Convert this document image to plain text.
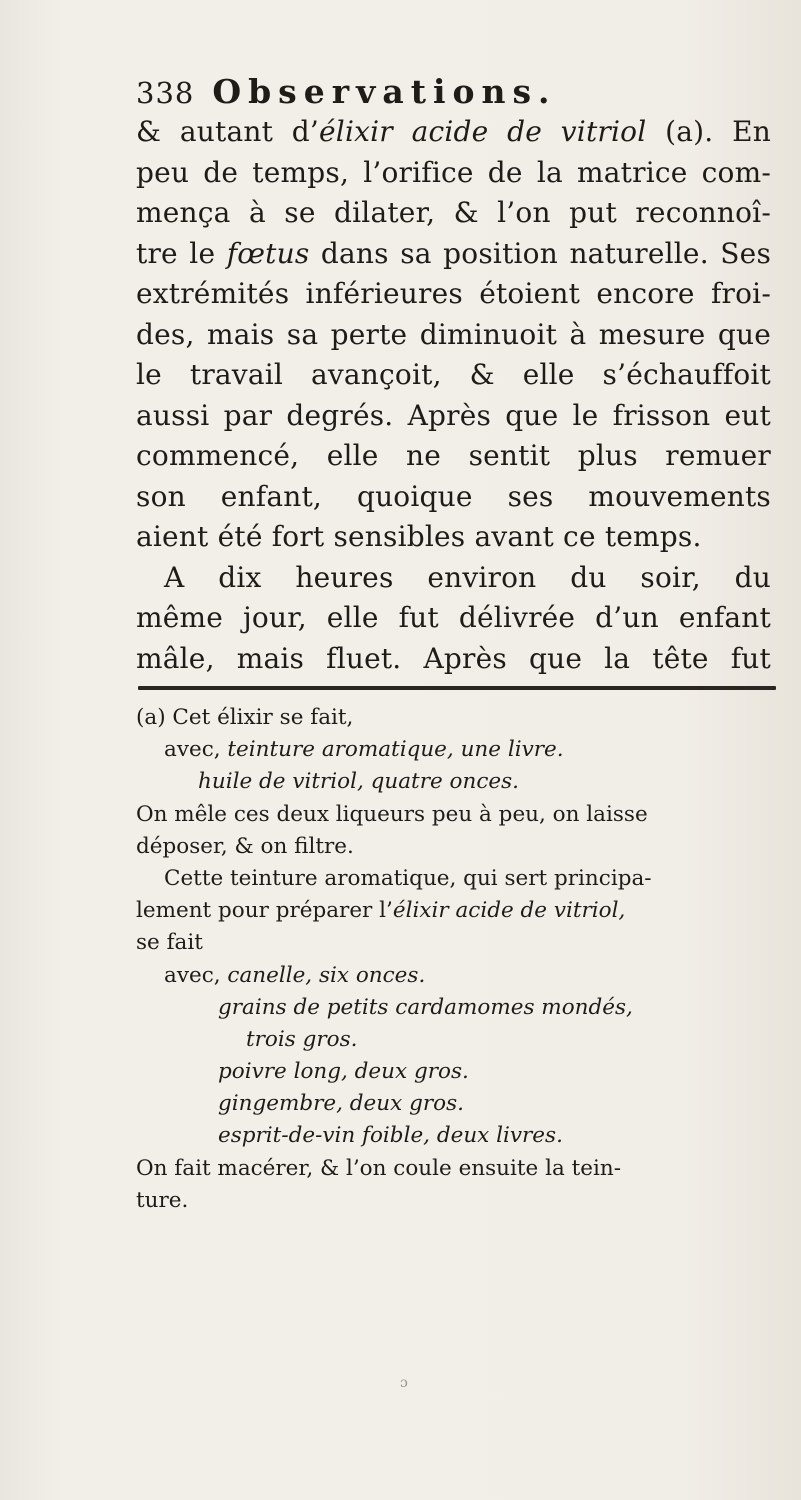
338 Observations.
& autant d’élixir acide de vitriol (a). En
peu de temps, l’orifice de la matrice com-
mença à se dilater, & l’on put reconnoî-
tre le fœtus dans sa position naturelle. Ses
extrémités inférieures étoient encore froi-
des, mais sa perte diminuoit à mesure que
le travail avançoit, & elle s’échauffoit
aussi par degrés. Après que le frisson eut
commencé, elle ne sentit plus remuer
son enfant, quoique ses mouvements
aient été fort sensibles avant ce temps.
A dix heures environ du soir, du
même jour, elle fut délivrée d’un enfant
mâle, mais fluet. Après que la tête fut
(a) Cet élixir se fait,
avec, teinture aromatique, une livre.
huile de vitriol, quatre onces.
On mêle ces deux liqueurs peu à peu, on laisse
déposer, & on filtre.
Cette teinture aromatique, qui sert principa-
lement pour préparer l’élixir acide de vitriol,
se fait
avec, canelle, six onces.
grains de petits cardamomes mondés,
trois gros.
poivre long, deux gros.
gingembre, deux gros.
esprit-de-vin foible, deux livres.
On fait macérer, & l’on coule ensuite la tein-
ture.
ɔ
